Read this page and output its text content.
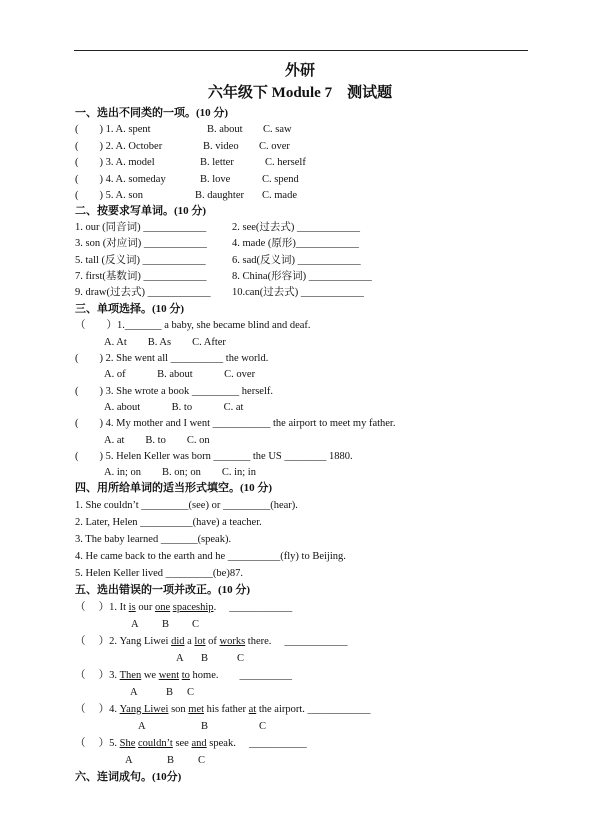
外研
六年级下 Module 7　测试题
一、选出不同类的一项。(10 分)
(　　) 1. A. spent	B. about C. saw
(　　) 2. A. October	B. video C. over
(　　) 3. A. model	B. letter	C. herself
(　　) 4. A. someday	B. love	C. spend
(　　) 5. A. son	B. daughter C. made
二、按要求写单词。(10 分)
1. our (同音词) ____________ 2. see(过去式) ____________
3. son (对应词) ____________ 4. made (原形)____________
5. tall (反义词) ____________	6. sad(反义词) ____________
7. first(基数词) ____________ 8. China(形容词) ____________
9. draw(过去式) ____________ 10.can(过去式) ____________
三、单项选择。(10 分)
（　　）1._______ a baby, she became blind and deaf.
A. At　　B. As　　C. After
(　　) 2. She went all __________ the world.
A. of　　　B. about　　　C. over
(　　) 3. She wrote a book _________ herself.
A. about　　　B. to　　　C. at
(　　) 4. My mother and I went ___________ the airport to meet my father.
A. at　　B. to　　C. on
(　　) 5. Helen Keller was born _______ the US ________ 1880.
A. in; on　　B. on; on　　C. in; in
四、用所给单词的适当形式填空。(10 分)
1. She couldn’t _________(see) or _________(hear).
2. Later, Helen __________(have) a teacher.
3. The baby learned _______(speak).
4. He came back to the earth and he __________(fly) to Beijing.
5. Helen Keller lived _________(be)87.
五、选出错误的一项并改正。(10 分)
（　 ）1. It is our one spaceship.　 ____________
A B C
（　 ）2. Yang Liwei did a lot of works there.　 ____________
A B	C
（　 ）3. Then we went to home.　　__________
A	B C
（　 ）4. Yang Liwei son met his father at the airport. ____________
A	B	C
（　 ）5. She couldn’t see and speak.　 ___________
A	B C
六、连词成句。(10分)
